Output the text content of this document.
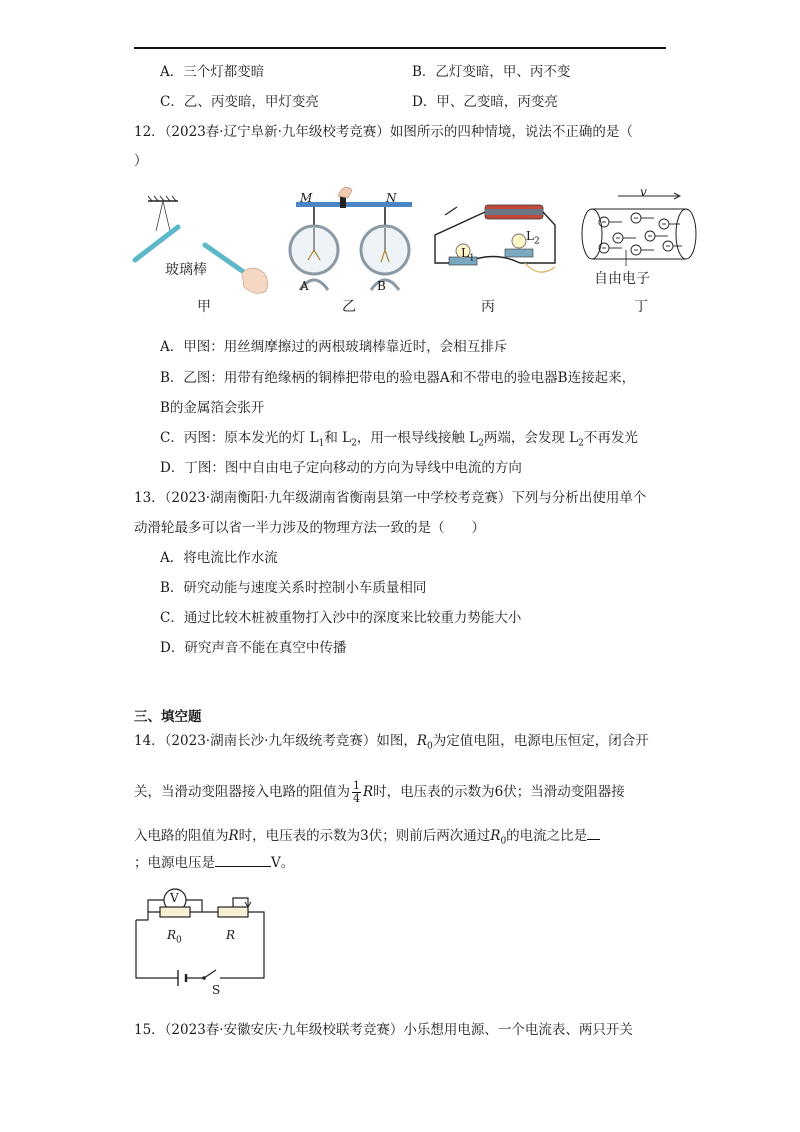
A．三个灯都变暗	B．乙灯变暗，甲、丙不变
C．乙、丙变暗，甲灯变亮	D．甲、乙变暗，丙变亮
12．（2023春·辽宁阜新·九年级校考竞赛）如图所示的四种情境，说法不正确的是（
）
玻璃棒
甲
M	N
A	B
乙
$L_1$
$L_2$
丙
v
自由电子
丁
A．甲图：用丝绸摩擦过的两根玻璃棒靠近时，会相互排斥
B．乙图：用带有绝缘柄的铜棒把带电的验电器A和不带电的验电器B连接起来，
B的金属箔会张开
C．丙图：原本发光的灯 $L_1$和 $L_2$，用一根导线接触 $L_2$两端，会发现 $L_2$不再发光
D．丁图：图中自由电子定向移动的方向为导线中电流的方向
13．（2023·湖南衡阳·九年级湖南省衡南县第一中学校考竞赛）下列与分析出使用单个
动滑轮最多可以省一半力涉及的物理方法一致的是（　　）
A．将电流比作水流
B．研究动能与速度关系时控制小车质量相同
C．通过比较木桩被重物打入沙中的深度来比较重力势能大小
D．研究声音不能在真空中传播
三、填空题
14．（2023·湖南长沙·九年级统考竞赛）如图，$R_0$为定值电阻，电源电压恒定，闭合开
关，当滑动变阻器接入电路的阻值为 $\frac{1}{4}$ R时，电压表的示数为6伏；当滑动变阻器接
入电路的阻值为R时，电压表的示数为3伏；则前后两次通过$R_0$的电流之比是
；电源电压是	V。
V
$R_0$	R
S
15．（2023春·安徽安庆·九年级校联考竞赛）小乐想用电源、一个电流表、两只开关
